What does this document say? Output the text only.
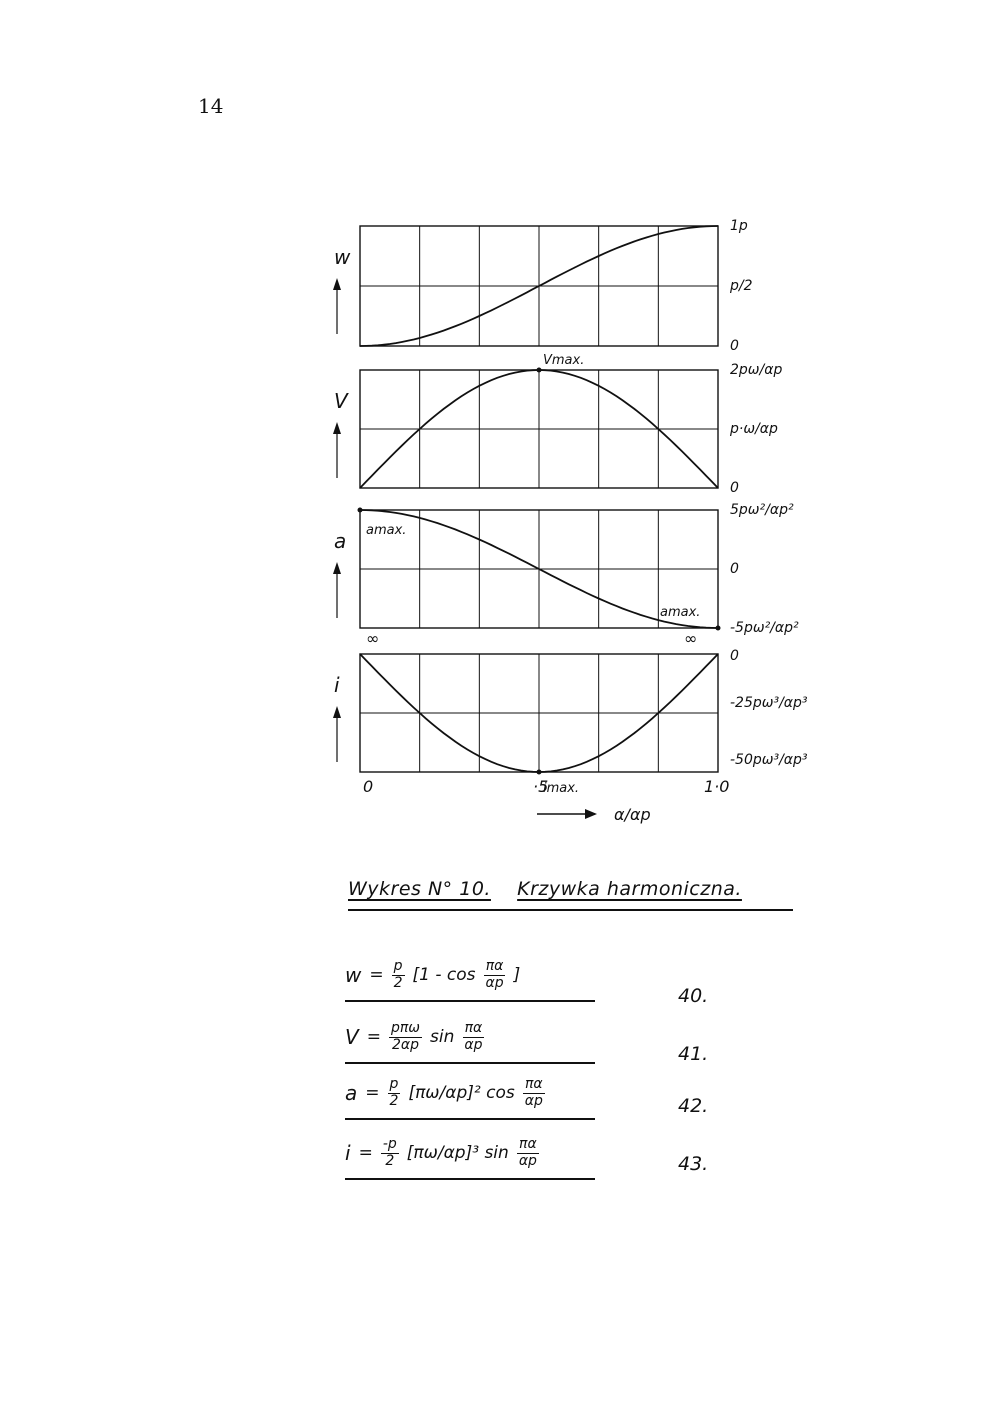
14
w
1p
p/2
0
V
2pω/αp
p·ω/αp
0
Vmax.
a
5pω²/αp²
0
-5pω²/αp²
amax.
amax.
i
0
-25pω³/αp³
-50pω³/αp³
imax.
∞	∞
0	·5	1·0
α/αp
Wykres N° 10. Krzywka harmoniczna.
$w = \frac{p}{2} [1 - \cos \frac{\pi\alpha}{\alpha p}$ ]
40.
$V = \frac{\text{pπω}}{2\alpha p}$ $\sin \frac{\pi\alpha}{\alpha p}$
41.
$a = \frac{p}{2} [\pi\omega/\alpha p]^2$ $\cos \frac{\pi\alpha}{\alpha p}$	42.
$i = \frac{-p}{2} [\pi\omega/\alpha p]^3$ $\sin \frac{\pi\alpha}{\alpha p}$	43.
